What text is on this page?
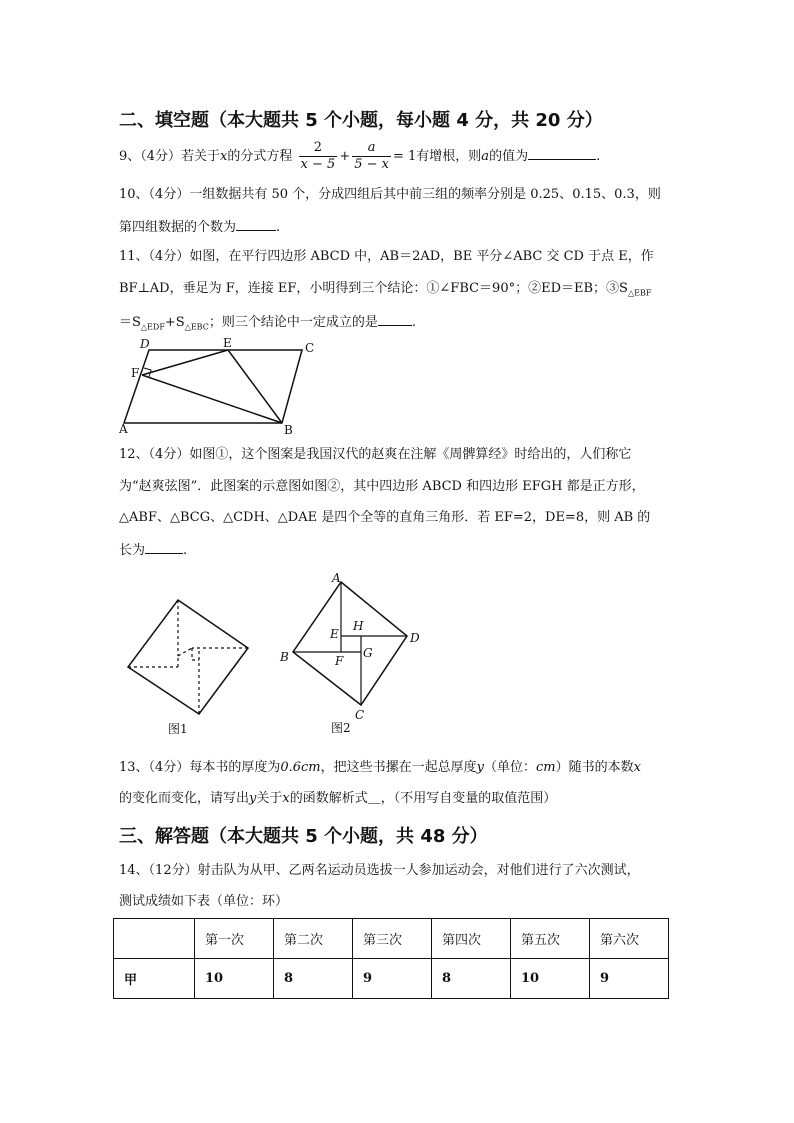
二、填空题（本大题共 5 个小题，每小题 4 分，共 20 分）
9、（4分）若关于x的分式方程 $\frac{2}{x - 5} + \frac{a}{5 - x} = 1$有增根，则a的值为	.
10、（4分）一组数据共有 50 个，分成四组后其中前三组的频率分别是 0.25、0.15、0.3，则
第四组数据的个数为	.
11、（4分）如图，在平行四边形 ABCD 中，AB＝2AD，BE 平分∠ABC 交 CD 于点 E，作
BF⊥AD，垂足为 F，连接 EF，小明得到三个结论：①∠FBC＝90°；②ED＝EB；$③S_{\triangle EBF}$
$=S_{\triangle EDF}+S_{\triangle EBC}$；则三个结论中一定成立的是	.
D	E	C
F
A	B
12、（4分）如图①，这个图案是我国汉代的赵爽在注解《周髀算经》时给出的，人们称它
为“赵爽弦图”．此图案的示意图如图②，其中四边形 ABCD 和四边形 EFGH 都是正方形，
△ABF、△BCG、△CDH、△DAE 是四个全等的直角三角形．若 EF=2，DE=8，则 AB 的
长为	.
图1
A
B
C
D
E
F
G
H
图2
13、（4分）每本书的厚度为0.6cm，把这些书摞在一起总厚度y（单位：cm）随书的本数x
的变化而变化，请写出y关于x的函数解析式＿，（不用写自变量的取值范围）
三、解答题（本大题共 5 个小题，共 48 分）
14、（12分）射击队为从甲、乙两名运动员选拔一人参加运动会，对他们进行了六次测试，
测试成绩如下表（单位：环）
	第一次	第二次	第三次	第四次	第五次	第六次
甲	10	8	9	8	10	9
